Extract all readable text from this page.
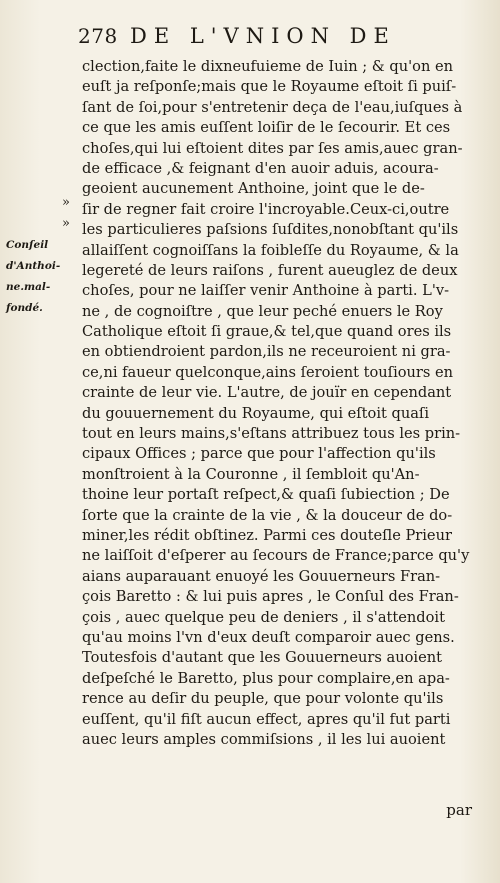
278 DE L'VNION DE
»
»
Conſeil
d'Anthoi-
ne.mal-
fondé.
clection,faite le dixneufuieme de Iuin ; & qu'on en
euſt ja reſponſe;mais que le Royaume eſtoit ſi puiſ-
ſant de ſoi,pour s'entretenir deça de l'eau,iuſques à
ce que les amis euſſent loiſir de le ſecourir. Et ces
choſes,qui lui eſtoient dites par ſes amis,auec gran-
de efficace ,& feignant d'en auoir aduis, acoura-
geoient aucunement Anthoine, joint que le de-
ſir de regner fait croire l'incroyable.Ceux-ci,outre
les particulieres paſsions ſuſdites,nonobſtant qu'ils
allaiſſent cognoiſſans la foibleſſe du Royaume, & la
legereté de leurs raiſons , furent aueuglez de deux
choſes, pour ne laiſſer venir Anthoine à parti. L'v-
ne , de cognoiſtre , que leur peché enuers le Roy
Catholique eſtoit ſi graue,& tel,que quand ores ils
en obtiendroient pardon,ils ne receuroient ni gra-
ce,ni faueur quelconque,ains ſeroient touſiours en
crainte de leur vie. L'autre, de jouïr en cependant
du gouuernement du Royaume, qui eſtoit quaſi
tout en leurs mains,s'eſtans attribuez tous les prin-
cipaux Offices ; parce que pour l'affection qu'ils
monſtroient à la Couronne , il ſembloit qu'An-
thoine leur portaſt reſpect,& quaſi ſubiection ; De
ſorte que la crainte de la vie , & la douceur de do-
miner,les rédit obſtinez. Parmi ces douteſle Prieur
ne laiſſoit d'eſperer au ſecours de France;parce qu'y
aians auparauant enuoyé les Gouuerneurs Fran-
çois Baretto : & lui puis apres , le Conſul des Fran-
çois , auec quelque peu de deniers , il s'attendoit
qu'au moins l'vn d'eux deuſt comparoir auec gens.
Toutesfois d'autant que les Gouuerneurs auoient
deſpeſché le Baretto, plus pour complaire,en apa-
rence au deſir du peuple, que pour volonte qu'ils
euſſent, qu'il fiſt aucun effect, apres qu'il fut parti
auec leurs amples commiſsions , il les lui auoient
par
